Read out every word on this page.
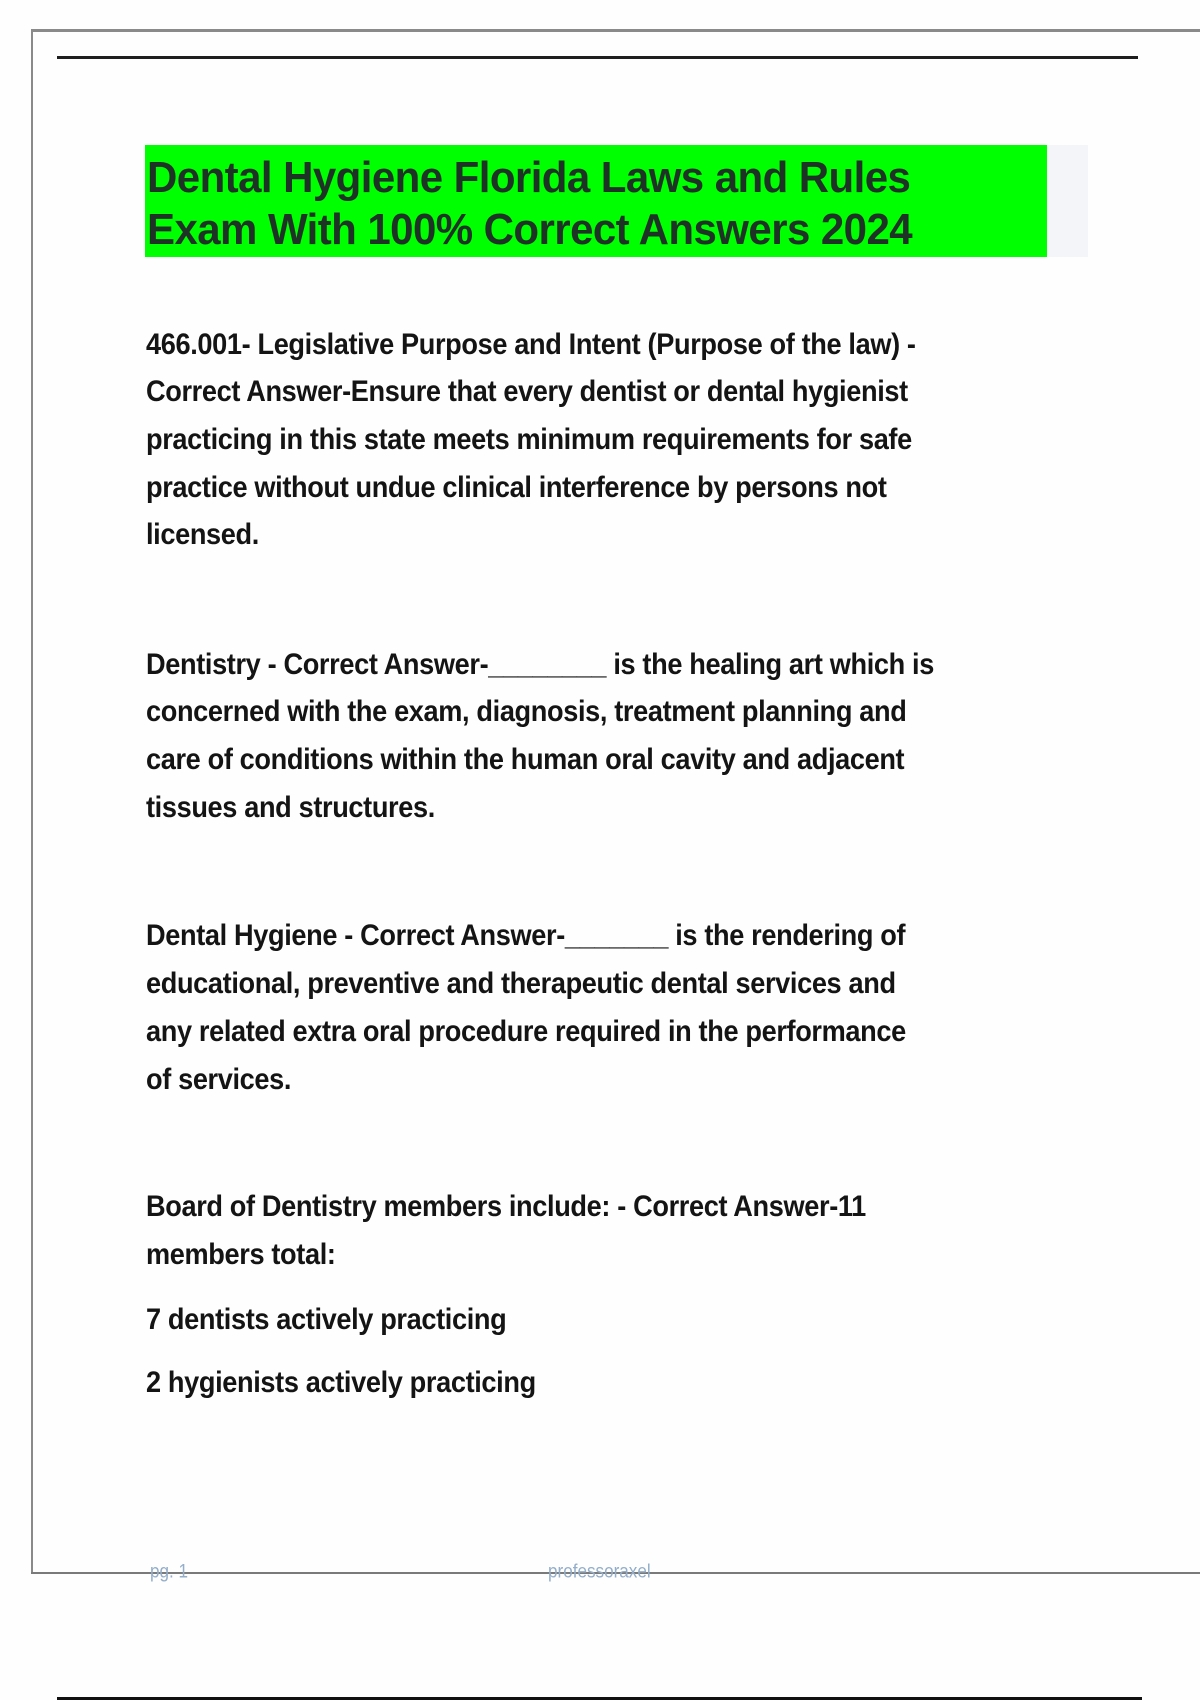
Dental Hygiene Florida Laws and Rules
Exam With 100% Correct Answers 2024
466.001- Legislative Purpose and Intent (Purpose of the law) -
Correct Answer-Ensure that every dentist or dental hygienist
practicing in this state meets minimum requirements for safe
practice without undue clinical interference by persons not
licensed.
Dentistry - Correct Answer-________ is the healing art which is
concerned with the exam, diagnosis, treatment planning and
care of conditions within the human oral cavity and adjacent
tissues and structures.
Dental Hygiene - Correct Answer-_______ is the rendering of
educational, preventive and therapeutic dental services and
any related extra oral procedure required in the performance
of services.
Board of Dentistry members include: - Correct Answer-11
members total:
7 dentists actively practicing
2 hygienists actively practicing
pg. 1	professoraxel
